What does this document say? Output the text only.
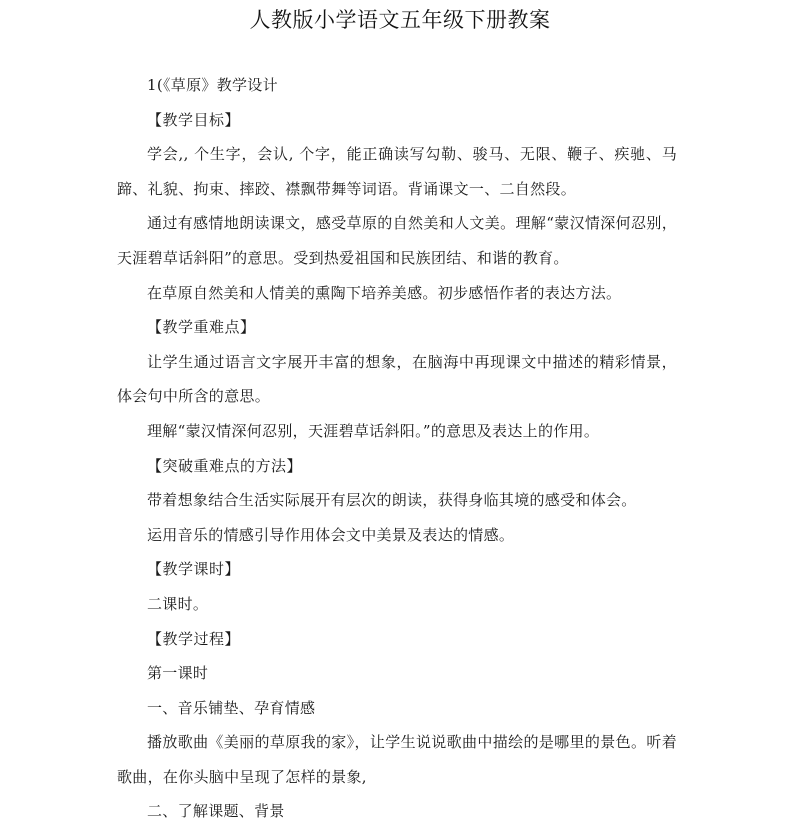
人教版小学语文五年级下册教案

1(《草原》教学设计

【教学目标】

学会,, 个生字，会认, 个字，能正确读写勾勒、骏马、无限、鞭子、疾驰、马蹄、礼貌、拘束、摔跤、襟飘带舞等词语。背诵课文一、二自然段。

通过有感情地朗读课文，感受草原的自然美和人文美。理解“蒙汉情深何忍别，天涯碧草话斜阳”的意思。受到热爱祖国和民族团结、和谐的教育。

在草原自然美和人情美的熏陶下培养美感。初步感悟作者的表达方法。

【教学重难点】

让学生通过语言文字展开丰富的想象，在脑海中再现课文中描述的精彩情景，体会句中所含的意思。

理解“蒙汉情深何忍别，天涯碧草话斜阳。”的意思及表达上的作用。

【突破重难点的方法】

带着想象结合生活实际展开有层次的朗读，获得身临其境的感受和体会。

运用音乐的情感引导作用体会文中美景及表达的情感。

【教学课时】

二课时。

【教学过程】

第一课时

一、音乐铺垫、孕育情感

播放歌曲《美丽的草原我的家》，让学生说说歌曲中描绘的是哪里的景色。听着歌曲，在你头脑中呈现了怎样的景象,

二、了解课题、背景
